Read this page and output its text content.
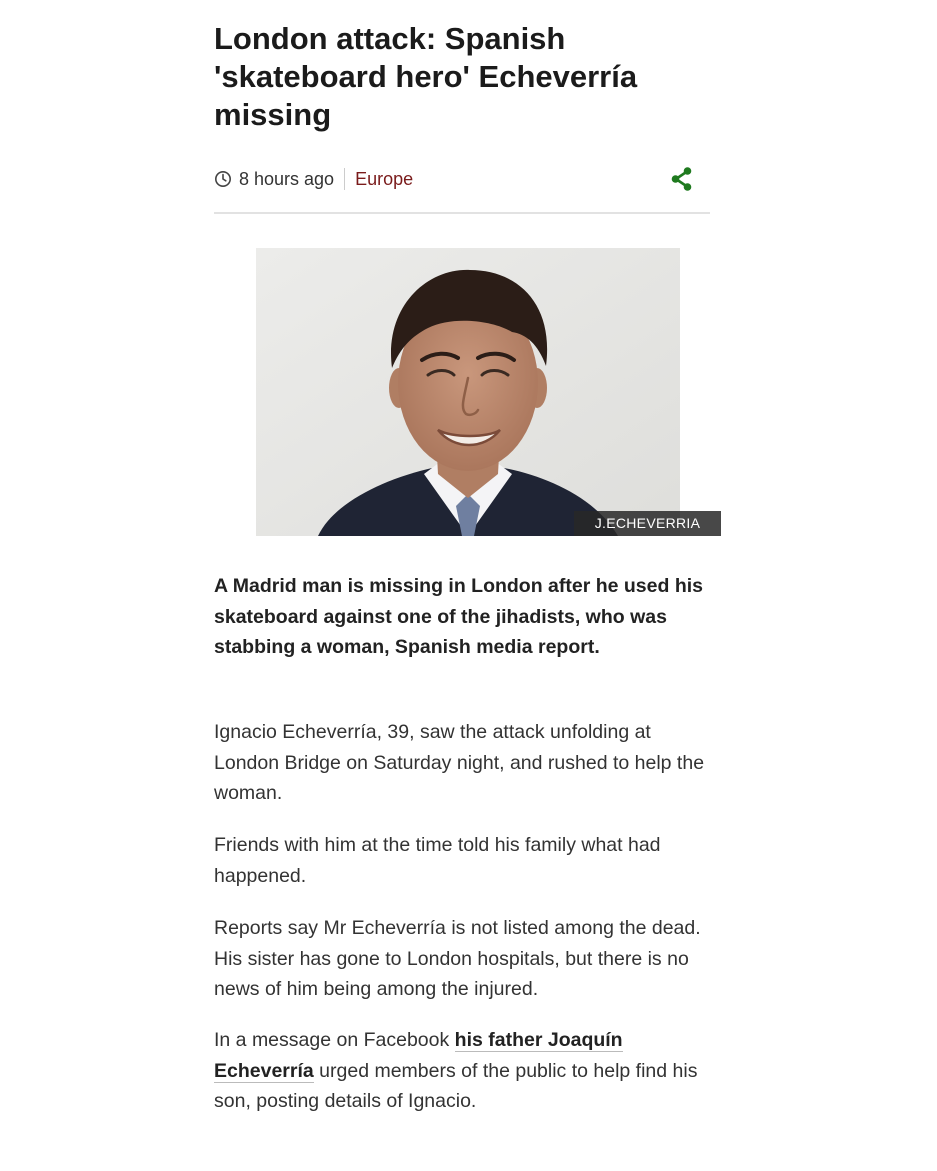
London attack: Spanish 'skateboard hero' Echeverría missing
8 hours ago Europe
J.ECHEVERRIA

A Madrid man is missing in London after he used his skateboard against one of the jihadists, who was stabbing a woman, Spanish media report.

Ignacio Echeverría, 39, saw the attack unfolding at London Bridge on Saturday night, and rushed to help the woman.

Friends with him at the time told his family what had happened.

Reports say Mr Echeverría is not listed among the dead. His sister has gone to London hospitals, but there is no news of him being among the injured.

In a message on Facebook his father Joaquín Echeverría urged members of the public to help find his son, posting details of Ignacio.
